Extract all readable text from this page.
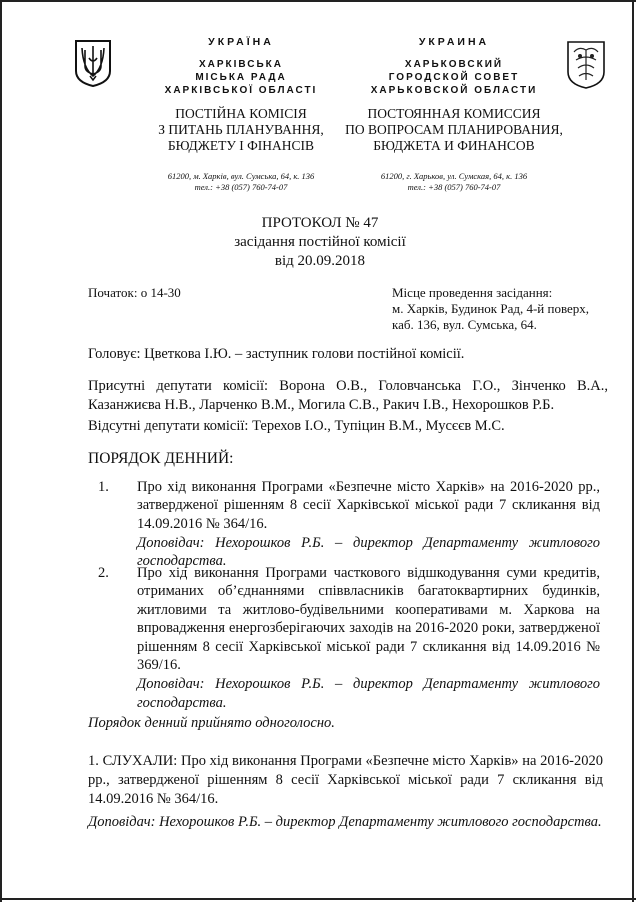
УКРАЇНА
ХАРКІВСЬКА
МІСЬКА РАДА
ХАРКІВСЬКОЇ ОБЛАСТІ
ПОСТІЙНА КОМІСІЯ
З ПИТАНЬ ПЛАНУВАННЯ,
БЮДЖЕТУ І ФІНАНСІВ
61200, м. Харків, вул. Сумська, 64, к. 136
тел.: +38 (057) 760-74-07
УКРАИНА
ХАРЬКОВСКИЙ
ГОРОДСКОЙ СОВЕТ
ХАРЬКОВСКОЙ ОБЛАСТИ
ПОСТОЯННАЯ КОМИССИЯ
ПО ВОПРОСАМ ПЛАНИРОВАНИЯ,
БЮДЖЕТА И ФИНАНСОВ
61200, г. Харьков, ул. Сумская, 64, к. 136
тел.: +38 (057) 760-74-07
ПРОТОКОЛ № 47
засідання постійної комісії
від 20.09.2018
Початок: о 14-30	Місце проведення засідання:
м. Харків, Будинок Рад, 4-й поверх,
каб. 136, вул. Сумська, 64.
Головує: Цветкова І.Ю. – заступник голови постійної комісії.
Присутні депутати комісії: Ворона О.В., Головчанська Г.О., Зінченко В.А.,
Казанжиєва Н.В., Ларченко В.М., Могила С.В., Ракич І.В., Нехорошков Р.Б.
Відсутні депутати комісії: Терехов І.О., Тупіцин В.М., Мусєєв М.С.
ПОРЯДОК ДЕННИЙ:
1. Про хід виконання Програми «Безпечне місто Харків» на 2016-2020 рр., затвердженої рішенням 8 сесії Харківської міської ради 7 скликання від 14.09.2016 № 364/16.
Доповідач: Нехорошков Р.Б. – директор Департаменту житлового господарства.
2. Про хід виконання Програми часткового відшкодування суми кредитів, отриманих об’єднаннями співвласників багатоквартирних будинків, житловими та житлово-будівельними кооперативами м. Харкова на впровадження енергозберігаючих заходів на 2016-2020 роки, затвердженої рішенням 8 сесії Харківської міської ради 7 скликання від 14.09.2016 № 369/16.
Доповідач: Нехорошков Р.Б. – директор Департаменту житлового господарства.
Порядок денний прийнято одноголосно.
1. СЛУХАЛИ: Про хід виконання Програми «Безпечне місто Харків» на 2016-2020 рр., затвердженої рішенням 8 сесії Харківської міської ради 7 скликання від 14.09.2016 № 364/16.
Доповідач: Нехорошков Р.Б. – директор Департаменту житлового господарства.
